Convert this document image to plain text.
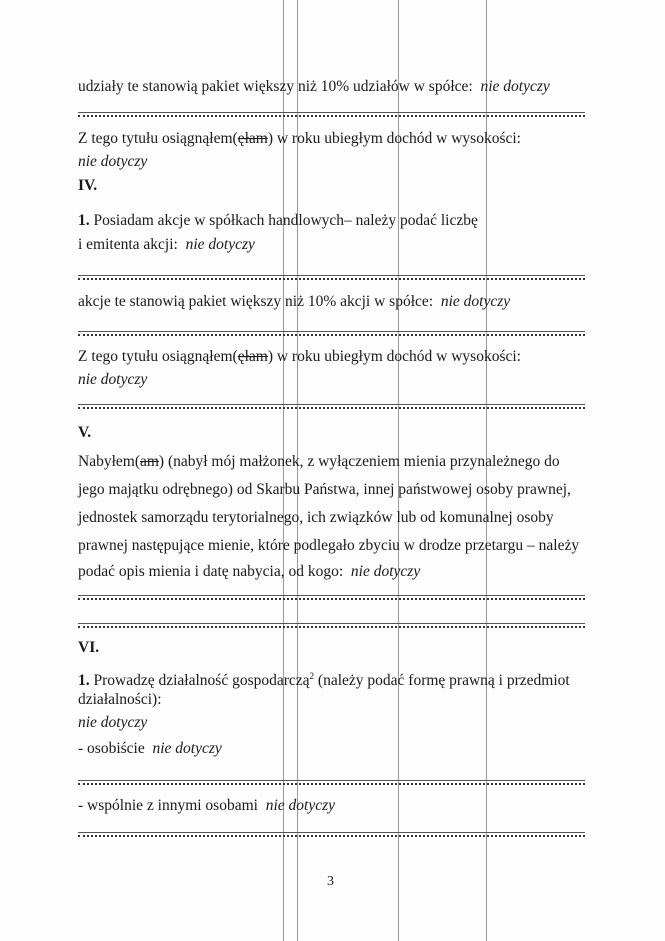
udziały te stanowią pakiet większy niż 10% udziałów w spółce: nie dotyczy
Z tego tytułu osiągnąłem(ęłam) w roku ubiegłym dochód w wysokości:
nie dotyczy
IV.
1. Posiadam akcje w spółkach handlowych– należy podać liczbę
i emitenta akcji: nie dotyczy
akcje te stanowią pakiet większy niż 10% akcji w spółce: nie dotyczy
Z tego tytułu osiągnąłem(ęłam) w roku ubiegłym dochód w wysokości:
nie dotyczy
V.
Nabyłem(am) (nabył mój małżonek, z wyłączeniem mienia przynależnego do
jego majątku odrębnego) od Skarbu Państwa, innej państwowej osoby prawnej,
jednostek samorządu terytorialnego, ich związków lub od komunalnej osoby
prawnej następujące mienie, które podlegało zbyciu w drodze przetargu – należy
podać opis mienia i datę nabycia, od kogo: nie dotyczy
VI.
1. Prowadzę działalność gospodarczą$^2$ (należy podać formę prawną i przedmiot
działalności):
nie dotyczy
- osobiście nie dotyczy
- wspólnie z innymi osobami nie dotyczy
3
